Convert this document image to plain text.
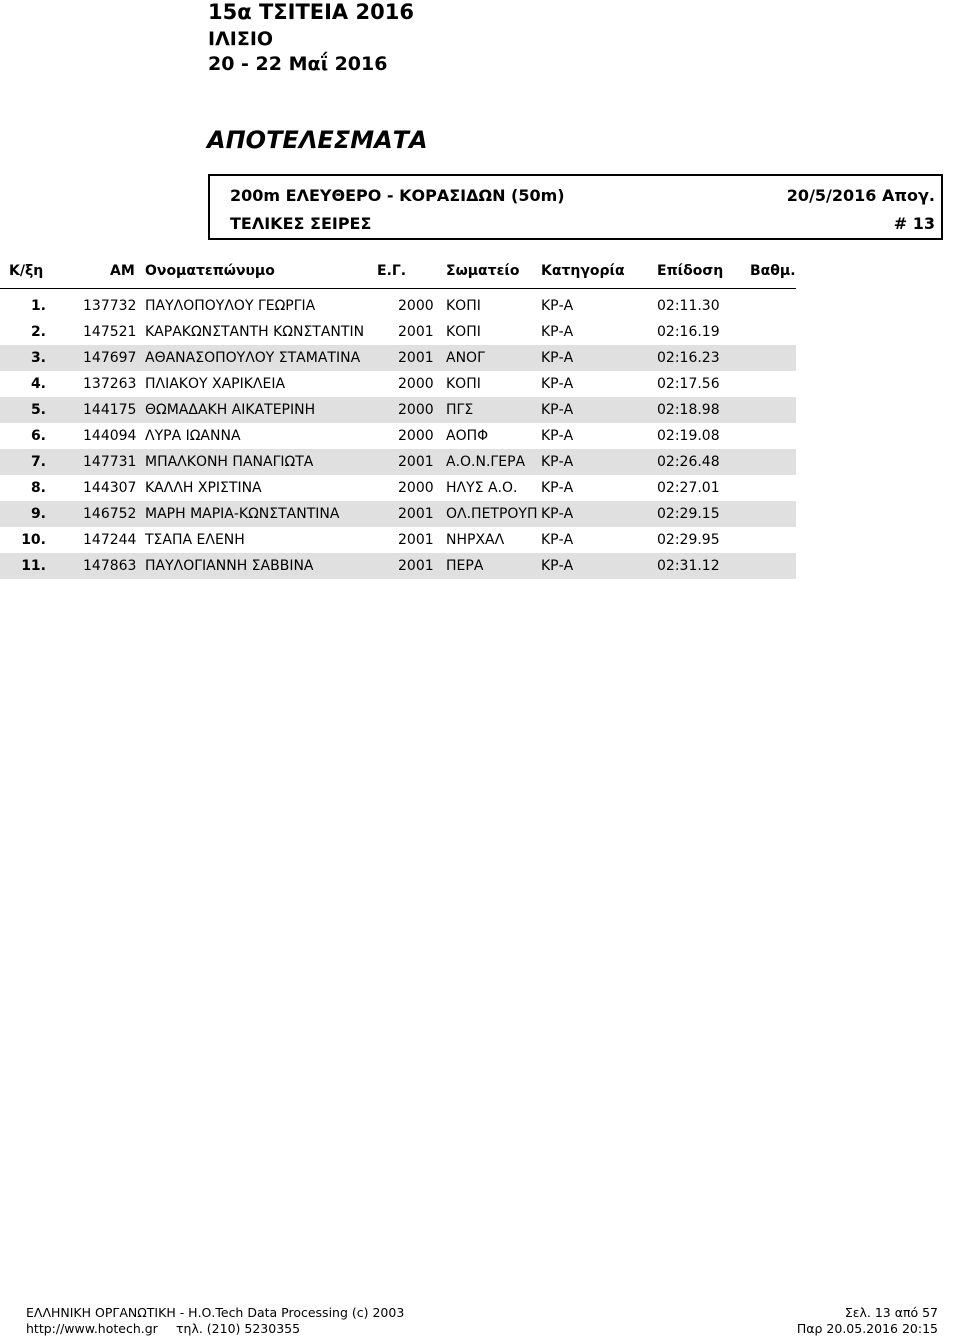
15α ΤΣΙΤΕΙΑ 2016
ΙΛΙΣΙΟ
20 - 22 Μαΐ 2016
ΑΠΟΤΕΛΕΣΜΑΤΑ
200m ΕΛΕΥΘΕΡΟ - ΚΟΡΑΣΙΔΩΝ (50m)	20/5/2016 Απογ.
ΤΕΛΙΚΕΣ ΣΕΙΡΕΣ	# 13
Κ/ξη	ΑΜ Ονοματεπώνυμο	Ε.Γ.	Σωματείο Κατηγορία Επίδοση Βαθμ.
1.	137732 ΠΑΥΛΟΠΟΥΛΟΥ ΓΕΩΡΓΙΑ	2000 ΚΟΠΙ	ΚΡ-Α	02:11.30
2.	147521 ΚΑΡΑΚΩΝΣΤΑΝΤΗ ΚΩΝΣΤΑΝΤΙΝ 2001 ΚΟΠΙ	ΚΡ-Α	02:16.19
3.	147697 ΑΘΑΝΑΣΟΠΟΥΛΟΥ ΣΤΑΜΑΤΙΝΑ	2001 ΑΝΟΓ	ΚΡ-Α	02:16.23
4.	137263 ΠΛΙΑΚΟΥ ΧΑΡΙΚΛΕΙΑ	2000 ΚΟΠΙ	ΚΡ-Α	02:17.56
5.	144175 ΘΩΜΑΔΑΚΗ ΑΙΚΑΤΕΡΙΝΗ	2000 ΠΓΣ	ΚΡ-Α	02:18.98
6.	144094 ΛΥΡΑ ΙΩΑΝΝΑ	2000 ΑΟΠΦ	ΚΡ-Α	02:19.08
7.	147731 ΜΠΑΛΚΟΝΗ ΠΑΝΑΓΙΩΤΑ	2001 Α.Ο.Ν.ΓΕΡΑ ΚΡ-Α	02:26.48
8.	144307 ΚΑΛΛΗ ΧΡΙΣΤΙΝΑ	2000 ΗΛΥΣ Α.Ο. ΚΡ-Α	02:27.01
9.	146752 ΜΑΡΗ ΜΑΡΙΑ-ΚΩΝΣΤΑΝΤΙΝΑ	2001 ΟΛ.ΠΕΤΡΟΥΠ ΚΡ-Α	02:29.15
10.	147244 ΤΣΑΠΑ ΕΛΕΝΗ	2001 ΝΗΡΧΑΛ	ΚΡ-Α	02:29.95
11.	147863 ΠΑΥΛΟΓΙΑΝΝΗ ΣΑΒΒΙΝΑ	2001 ΠΕΡΑ	ΚΡ-Α	02:31.12
ΕΛΛΗΝΙΚΗ ΟΡΓΑΝΩΤΙΚΗ - Η.Ο.Tech Data Processing (c) 2003
http://www.hotech.gr τηλ. (210) 5230355
Σελ. 13 από 57
Παρ 20.05.2016 20:15
